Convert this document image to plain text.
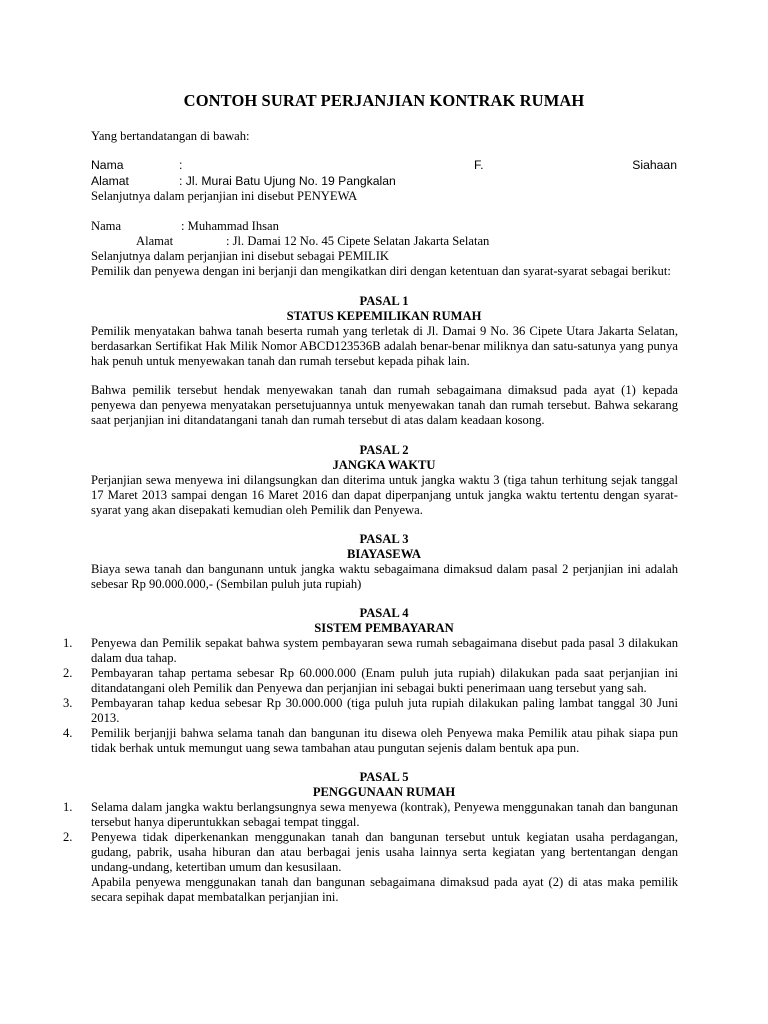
CONTOH SURAT PERJANJIAN KONTRAK RUMAH
Yang bertandatangan di bawah:
Nama	:	F.	Siahaan
Alamat	: Jl. Murai Batu Ujung No. 19 Pangkalan
Selanjutnya dalam perjanjian ini disebut PENYEWA
Nama	: Muhammad Ihsan
Alamat	: Jl. Damai 12 No. 45 Cipete Selatan Jakarta Selatan
Selanjutnya dalam perjanjian ini disebut sebagai PEMILIK
Pemilik dan penyewa dengan ini berjanji dan mengikatkan diri dengan ketentuan dan syarat-syarat sebagai berikut:
PASAL 1
STATUS KEPEMILIKAN RUMAH
Pemilik menyatakan bahwa tanah beserta rumah yang terletak di Jl. Damai 9 No. 36 Cipete Utara Jakarta Selatan,
berdasarkan Sertifikat Hak Milik Nomor ABCD123536B adalah benar-benar miliknya dan satu-satunya yang punya
hak penuh untuk menyewakan tanah dan rumah tersebut kepada pihak lain.
Bahwa pemilik tersebut hendak menyewakan tanah dan rumah sebagaimana dimaksud pada ayat (1) kepada
penyewa dan penyewa menyatakan persetujuannya untuk menyewakan tanah dan rumah tersebut. Bahwa sekarang
saat perjanjian ini ditandatangani tanah dan rumah tersebut di atas dalam keadaan kosong.
PASAL 2
JANGKA WAKTU
Perjanjian sewa menyewa ini dilangsungkan dan diterima untuk jangka waktu 3 (tiga tahun terhitung sejak tanggal
17 Maret 2013 sampai dengan 16 Maret 2016 dan dapat diperpanjang untuk jangka waktu tertentu dengan syarat-
syarat yang akan disepakati kemudian oleh Pemilik dan Penyewa.
PASAL 3
BIAYASEWA
Biaya sewa tanah dan bangunann untuk jangka waktu sebagaimana dimaksud dalam pasal 2 perjanjian ini adalah
sebesar Rp 90.000.000,- (Sembilan puluh juta rupiah)
PASAL 4
SISTEM PEMBAYARAN
1. Penyewa dan Pemilik sepakat bahwa system pembayaran sewa rumah sebagaimana disebut pada pasal 3 dilakukan
dalam dua tahap.
2. Pembayaran tahap pertama sebesar Rp 60.000.000 (Enam puluh juta rupiah) dilakukan pada saat perjanjian ini
ditandatangani oleh Pemilik dan Penyewa dan perjanjian ini sebagai bukti penerimaan uang tersebut yang sah.
3. Pembayaran tahap kedua sebesar Rp 30.000.000 (tiga puluh juta rupiah dilakukan paling lambat tanggal 30 Juni
2013.
4. Pemilik berjanjji bahwa selama tanah dan bangunan itu disewa oleh Penyewa maka Pemilik atau pihak siapa pun
tidak berhak untuk memungut uang sewa tambahan atau pungutan sejenis dalam bentuk apa pun.
PASAL 5
PENGGUNAAN RUMAH
1. Selama dalam jangka waktu berlangsungnya sewa menyewa (kontrak), Penyewa menggunakan tanah dan bangunan
tersebut hanya diperuntukkan sebagai tempat tinggal.
2. Penyewa tidak diperkenankan menggunakan tanah dan bangunan tersebut untuk kegiatan usaha perdagangan,
gudang, pabrik, usaha hiburan dan atau berbagai jenis usaha lainnya serta kegiatan yang bertentangan dengan
undang-undang, ketertiban umum dan kesusilaan.
Apabila penyewa menggunakan tanah dan bangunan sebagaimana dimaksud pada ayat (2) di atas maka pemilik
secara sepihak dapat membatalkan perjanjian ini.
